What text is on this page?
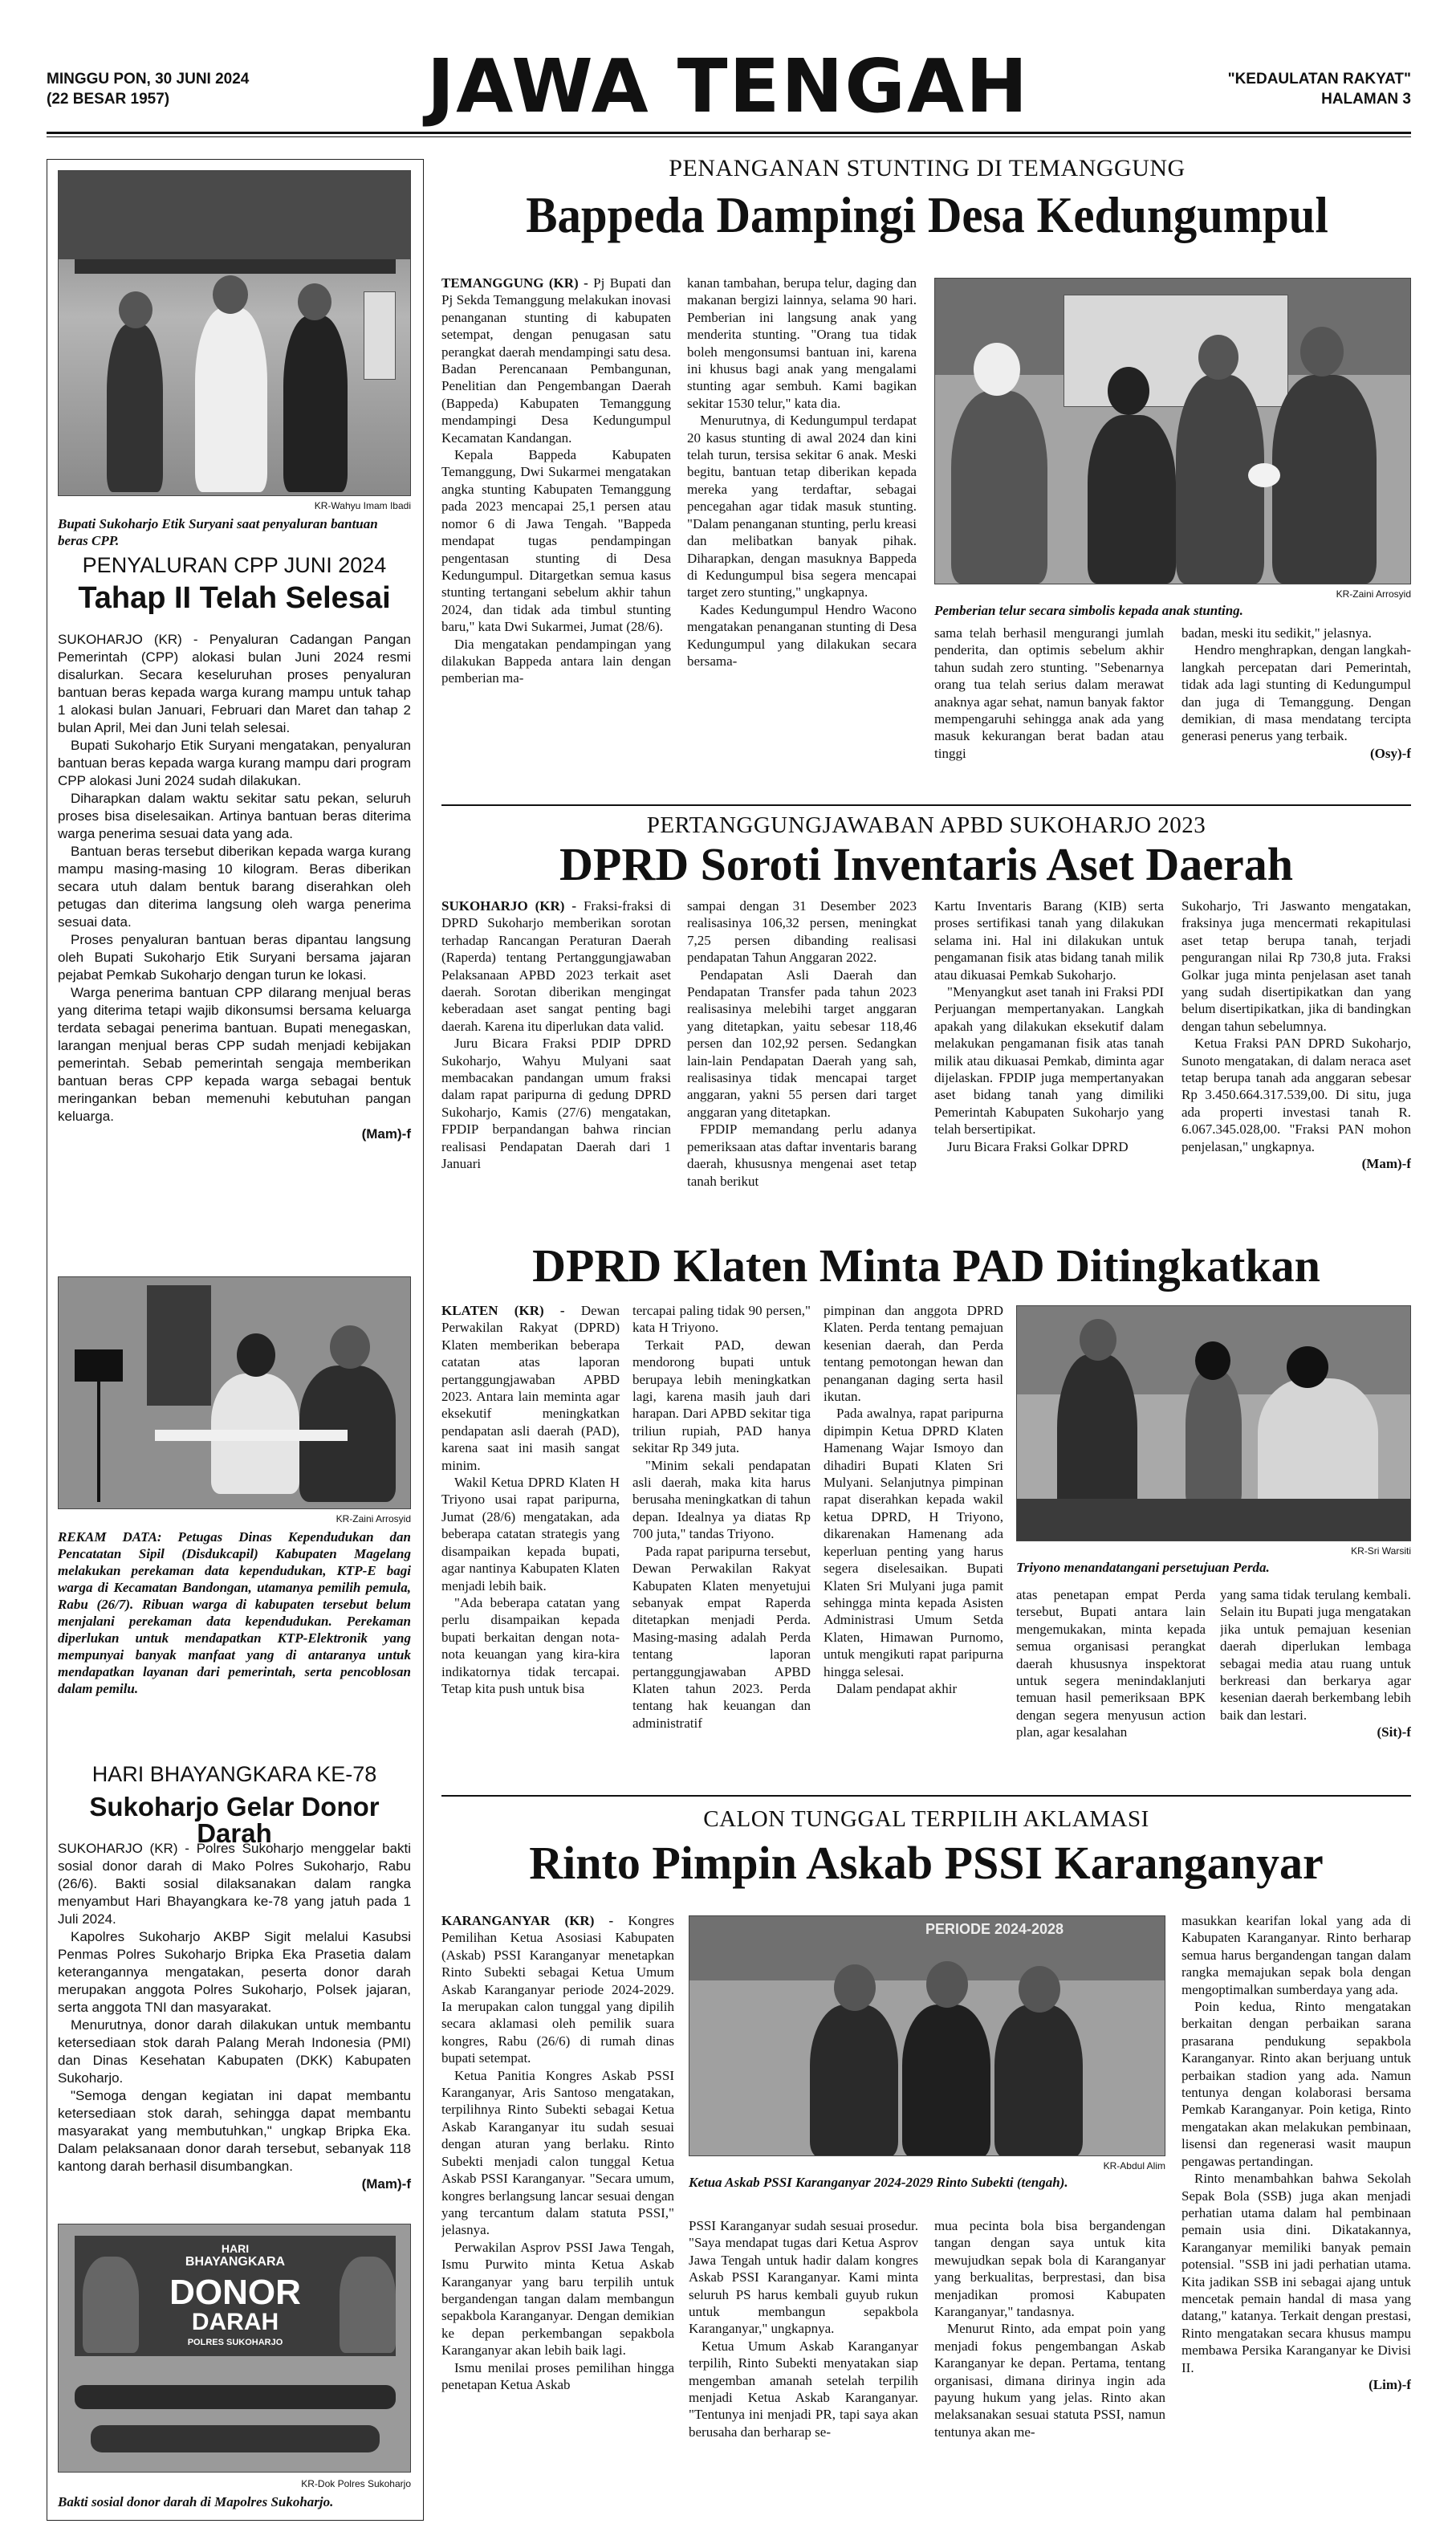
MINGGU PON, 30 JUNI 2024
(22 BESAR 1957)	JAWA TENGAH	"KEDAULATAN RAKYAT"
HALAMAN 3
KR-Wahyu Imam Ibadi
Bupati Sukoharjo Etik Suryani saat penyaluran bantuan beras CPP.
PENYALURAN CPP JUNI 2024
Tahap II Telah Selesai

SUKOHARJO (KR) - Penyaluran Cadangan Pangan Pemerintah (CPP) alokasi bulan Juni 2024 resmi disalurkan. Secara keseluruhan proses penyaluran bantuan beras kepada warga kurang mampu untuk tahap 1 alokasi bulan Januari, Februari dan Maret dan tahap 2 bulan April, Mei dan Juni telah selesai.

Bupati Sukoharjo Etik Suryani mengatakan, penyaluran bantuan beras kepada warga kurang mampu dari program CPP alokasi Juni 2024 sudah dilakukan.

Diharapkan dalam waktu sekitar satu pekan, seluruh proses bisa diselesaikan. Artinya bantuan beras diterima warga penerima sesuai data yang ada.

Bantuan beras tersebut diberikan kepada warga kurang mampu masing-masing 10 kilogram. Beras diberikan secara utuh dalam bentuk barang diserahkan oleh petugas dan diterima langsung oleh warga penerima sesuai data.

Proses penyaluran bantuan beras dipantau langsung oleh Bupati Sukoharjo Etik Suryani bersama jajaran pejabat Pemkab Sukoharjo dengan turun ke lokasi.

Warga penerima bantuan CPP dilarang menjual beras yang diterima tetapi wajib dikonsumsi bersama keluarga terdata sebagai penerima bantuan. Bupati menegaskan, larangan menjual beras CPP sudah menjadi kebijakan pemerintah. Sebab pemerintah sengaja memberikan bantuan beras CPP kepada warga sebagai bentuk meringankan beban memenuhi kebutuhan pangan keluarga.

(Mam)-f
KR-Zaini Arrosyid
REKAM DATA: Petugas Dinas Kependudukan dan Pencatatan Sipil (Disdukcapil) Kabupaten Magelang melakukan perekaman data kependudukan, KTP-E bagi warga di Kecamatan Bandongan, utamanya pemilih pemula, Rabu (26/7). Ribuan warga di kabupaten tersebut belum menjalani perekaman data kependudukan. Perekaman diperlukan untuk mendapatkan KTP-Elektronik yang mempunyai banyak manfaat yang di antaranya untuk mendapatkan layanan dari pemerintah, serta pencoblosan dalam pemilu.
HARI BHAYANGKARA KE-78
Sukoharjo Gelar Donor Darah

SUKOHARJO (KR) - Polres Sukoharjo menggelar bakti sosial donor darah di Mako Polres Sukoharjo, Rabu (26/6). Bakti sosial dilaksanakan dalam rangka menyambut Hari Bhayangkara ke-78 yang jatuh pada 1 Juli 2024.

Kapolres Sukoharjo AKBP Sigit melalui Kasubsi Penmas Polres Sukoharjo Bripka Eka Prasetia dalam keterangannya mengatakan, peserta donor darah merupakan anggota Polres Sukoharjo, Polsek jajaran, serta anggota TNI dan masyarakat.

Menurutnya, donor darah dilakukan untuk membantu ketersediaan stok darah Palang Merah Indonesia (PMI) dan Dinas Kesehatan Kabupaten (DKK) Kabupaten Sukoharjo.

"Semoga dengan kegiatan ini dapat membantu ketersediaan stok darah, sehingga dapat membantu masyarakat yang membutuhkan," ungkap Bripka Eka. Dalam pelaksanaan donor darah tersebut, sebanyak 118 kantong darah berhasil disumbangkan.

(Mam)-f
HARI
BHAYANGKARA
DONOR
DARAH
POLRES SUKOHARJO
KR-Dok Polres Sukoharjo
Bakti sosial donor darah di Mapolres Sukoharjo.
PENANGANAN STUNTING DI TEMANGGUNG
Bappeda Dampingi Desa Kedungumpul

TEMANGGUNG (KR) - Pj Bupati dan Pj Sekda Temanggung melakukan inovasi penanganan stunting di kabupaten setempat, dengan penugasan satu perangkat daerah mendampingi satu desa. Badan Perencanaan Pembangunan, Penelitian dan Pengembangan Daerah (Bappeda) Kabupaten Temanggung mendampingi Desa Kedungumpul Kecamatan Kandangan.

Kepala Bappeda Kabupaten Temanggung, Dwi Sukarmei mengatakan angka stunting Kabupaten Temanggung pada 2023 mencapai 25,1 persen atau nomor 6 di Jawa Tengah. "Bappeda mendapat tugas pendampingan pengentasan stunting di Desa Kedungumpul. Ditargetkan semua kasus stunting tertangani sebelum akhir tahun 2024, dan tidak ada timbul stunting baru," kata Dwi Sukarmei, Jumat (28/6).

Dia mengatakan pendampingan yang dilakukan Bappeda antara lain dengan pemberian ma-

kanan tambahan, berupa telur, daging dan makanan bergizi lainnya, selama 90 hari. Pemberian ini langsung anak yang menderita stunting. "Orang tua tidak boleh mengonsumsi bantuan ini, karena ini khusus bagi anak yang mengalami stunting agar sembuh. Kami bagikan sekitar 1530 telur," kata dia.

Menurutnya, di Kedungumpul terdapat 20 kasus stunting di awal 2024 dan kini telah turun, tersisa sekitar 6 anak. Meski begitu, bantuan tetap diberikan kepada mereka yang terdaftar, sebagai pencegahan agar tidak masuk stunting. "Dalam penanganan stunting, perlu kreasi dan melibatkan banyak pihak. Diharapkan, dengan masuknya Bappeda di Kedungumpul bisa segera mencapai target zero stunting," ungkapnya.

Kades Kedungumpul Hendro Wacono mengatakan penanganan stunting di Desa Kedungumpul yang dilakukan secara bersama-

KR-Zaini Arrosyid
Pemberian telur secara simbolis kepada anak stunting.

sama telah berhasil mengurangi jumlah penderita, dan optimis sebelum akhir tahun sudah zero stunting. "Sebenarnya orang tua telah serius dalam merawat anaknya agar sehat, namun banyak faktor mempengaruhi sehingga anak ada yang masuk kekurangan berat badan atau tinggi

badan, meski itu sedikit," jelasnya.

Hendro menghrapkan, dengan langkah-langkah percepatan dari Pemerintah, tidak ada lagi stunting di Kedungumpul dan juga di Temanggung. Dengan demikian, di masa mendatang tercipta generasi penerus yang terbaik.

(Osy)-f
PERTANGGUNGJAWABAN APBD SUKOHARJO 2023
DPRD Soroti Inventaris Aset Daerah

SUKOHARJO (KR) - Fraksi-fraksi di DPRD Sukoharjo memberikan sorotan terhadap Rancangan Peraturan Daerah (Raperda) tentang Pertanggungjawaban Pelaksanaan APBD 2023 terkait aset daerah. Sorotan diberikan mengingat keberadaan aset sangat penting bagi daerah. Karena itu diperlukan data valid.

Juru Bicara Fraksi PDIP DPRD Sukoharjo, Wahyu Mulyani saat membacakan pandangan umum fraksi dalam rapat paripurna di gedung DPRD Sukoharjo, Kamis (27/6) mengatakan, FPDIP berpandangan bahwa rincian realisasi Pendapatan Daerah dari 1 Januari

sampai dengan 31 Desember 2023 realisasinya 106,32 persen, meningkat 7,25 persen dibanding realisasi pendapatan Tahun Anggaran 2022.

Pendapatan Asli Daerah dan Pendapatan Transfer pada tahun 2023 realisasinya melebihi target anggaran yang ditetapkan, yaitu sebesar 118,46 persen dan 102,92 persen. Sedangkan lain-lain Pendapatan Daerah yang sah, realisasinya tidak mencapai target anggaran, yakni 55 persen dari target anggaran yang ditetapkan.

FPDIP memandang perlu adanya pemeriksaan atas daftar inventaris barang daerah, khususnya mengenai aset tetap tanah berikut

Kartu Inventaris Barang (KIB) serta proses sertifikasi tanah yang dilakukan selama ini. Hal ini dilakukan untuk pengamanan fisik atas bidang tanah milik atau dikuasai Pemkab Sukoharjo.

"Menyangkut aset tanah ini Fraksi PDI Perjuangan mempertanyakan. Langkah apakah yang dilakukan eksekutif dalam melakukan pengamanan fisik atas tanah milik atau dikuasai Pemkab, diminta agar dijelaskan. FPDIP juga mempertanyakan aset bidang tanah yang dimiliki Pemerintah Kabupaten Sukoharjo yang telah bersertipikat.

Juru Bicara Fraksi Golkar DPRD

Sukoharjo, Tri Jaswanto mengatakan, fraksinya juga mencermati rekapitulasi aset tetap berupa tanah, terjadi pengurangan nilai Rp 730,8 juta. Fraksi Golkar juga minta penjelasan aset tanah yang sudah disertipikatkan dan yang belum disertipikatkan, jika di bandingkan dengan tahun sebelumnya.

Ketua Fraksi PAN DPRD Sukoharjo, Sunoto mengatakan, di dalam neraca aset tetap berupa tanah ada anggaran sebesar Rp 3.450.664.317.539,00. Di situ, juga ada properti investasi tanah R. 6.067.345.028,00. "Fraksi PAN mohon penjelasan," ungkapnya.

(Mam)-f
DPRD Klaten Minta PAD Ditingkatkan

KLATEN (KR) - Dewan Perwakilan Rakyat (DPRD) Klaten memberikan beberapa catatan atas laporan pertanggungjawaban APBD 2023. Antara lain meminta agar eksekutif meningkatkan pendapatan asli daerah (PAD), karena saat ini masih sangat minim.

Wakil Ketua DPRD Klaten H Triyono usai rapat paripurna, Jumat (28/6) mengatakan, ada beberapa catatan strategis yang disampaikan kepada bupati, agar nantinya Kabupaten Klaten menjadi lebih baik.

"Ada beberapa catatan yang perlu disampaikan kepada bupati berkaitan dengan nota-nota keuangan yang kira-kira indikatornya tidak tercapai. Tetap kita push untuk bisa

tercapai paling tidak 90 persen," kata H Triyono.

Terkait PAD, dewan mendorong bupati untuk berupaya lebih meningkatkan lagi, karena masih jauh dari harapan. Dari APBD sekitar tiga triliun rupiah, PAD hanya sekitar Rp 349 juta.

"Minim sekali pendapatan asli daerah, maka kita harus berusaha meningkatkan di tahun depan. Idealnya ya diatas Rp 700 juta," tandas Triyono.

Pada rapat paripurna tersebut, Dewan Perwakilan Rakyat Kabupaten Klaten menyetujui sebanyak empat Raperda ditetapkan menjadi Perda. Masing-masing adalah Perda tentang laporan pertanggungjawaban APBD Klaten tahun 2023. Perda tentang hak keuangan dan administratif

pimpinan dan anggota DPRD Klaten. Perda tentang pemajuan kesenian daerah, dan Perda tentang pemotongan hewan dan penanganan daging serta hasil ikutan.

Pada awalnya, rapat paripurna dipimpin Ketua DPRD Klaten Hamenang Wajar Ismoyo dan dihadiri Bupati Klaten Sri Mulyani. Selanjutnya pimpinan rapat diserahkan kepada wakil ketua DPRD, H Triyono, dikarenakan Hamenang ada keperluan penting yang harus segera diselesaikan. Bupati Klaten Sri Mulyani juga pamit sehingga minta kepada Asisten Administrasi Umum Setda Klaten, Himawan Purnomo, untuk mengikuti rapat paripurna hingga selesai.

Dalam pendapat akhir

KR-Sri Warsiti
Triyono menandatangani persetujuan Perda.

atas penetapan empat Perda tersebut, Bupati antara lain mengemukakan, minta kepada semua organisasi perangkat daerah khususnya inspektorat untuk segera menindaklanjuti temuan hasil pemeriksaan BPK dengan segera menyusun action plan, agar kesalahan

yang sama tidak terulang kembali. Selain itu Bupati juga mengatakan jika untuk pemajuan kesenian daerah diperlukan lembaga sebagai media atau ruang untuk berkreasi dan berkarya agar kesenian daerah berkembang lebih baik dan lestari.

(Sit)-f
CALON TUNGGAL TERPILIH AKLAMASI
Rinto Pimpin Askab PSSI Karanganyar

KARANGANYAR (KR) - Kongres Pemilihan Ketua Asosiasi Kabupaten (Askab) PSSI Karanganyar menetapkan Rinto Subekti sebagai Ketua Umum Askab Karanganyar periode 2024-2029. Ia merupakan calon tunggal yang dipilih secara aklamasi oleh pemilik suara kongres, Rabu (26/6) di rumah dinas bupati setempat.

Ketua Panitia Kongres Askab PSSI Karanganyar, Aris Santoso mengatakan, terpilihnya Rinto Subekti sebagai Ketua Askab Karanganyar itu sudah sesuai dengan aturan yang berlaku. Rinto Subekti menjadi calon tunggal Ketua Askab PSSI Karanganyar. "Secara umum, kongres berlangsung lancar sesuai dengan yang tercantum dalam statuta PSSI," jelasnya.

Perwakilan Asprov PSSI Jawa Tengah, Ismu Purwito minta Ketua Askab Karanganyar yang baru terpilih untuk bergandengan tangan dalam membangun sepakbola Karanganyar. Dengan demikian ke depan perkembangan sepakbola Karanganyar akan lebih baik lagi.

Ismu menilai proses pemilihan hingga penetapan Ketua Askab

PERIODE 2024-2028
KR-Abdul Alim
Ketua Askab PSSI Karanganyar 2024-2029 Rinto Subekti (tengah).

PSSI Karanganyar sudah sesuai prosedur. "Saya mendapat tugas dari Ketua Asprov Jawa Tengah untuk hadir dalam kongres Askab PSSI Karanganyar. Kami minta seluruh PS harus kembali guyub rukun untuk membangun sepakbola Karanganyar," ungkapnya.

Ketua Umum Askab Karanganyar terpilih, Rinto Subekti menyatakan siap mengemban amanah setelah terpilih menjadi Ketua Askab Karanganyar. "Tentunya ini menjadi PR, tapi saya akan berusaha dan berharap se-

mua pecinta bola bisa bergandengan tangan dengan saya untuk kita mewujudkan sepak bola di Karanganyar yang berkualitas, berprestasi, dan bisa menjadikan promosi Kabupaten Karanganyar," tandasnya.

Menurut Rinto, ada empat poin yang menjadi fokus pengembangan Askab Karanganyar ke depan. Pertama, tentang organisasi, dimana dirinya ingin ada payung hukum yang jelas. Rinto akan melaksanakan sesuai statuta PSSI, namun tentunya akan me-

masukkan kearifan lokal yang ada di Kabupaten Karanganyar. Rinto berharap semua harus bergandengan tangan dalam rangka memajukan sepak bola dengan mengoptimalkan sumberdaya yang ada.

Poin kedua, Rinto mengatakan berkaitan dengan perbaikan sarana prasarana pendukung sepakbola Karanganyar. Rinto akan berjuang untuk perbaikan stadion yang ada. Namun tentunya dengan kolaborasi bersama Pemkab Karanganyar. Poin ketiga, Rinto mengatakan akan melakukan pembinaan, lisensi dan regenerasi wasit maupun pengawas pertandingan.

Rinto menambahkan bahwa Sekolah Sepak Bola (SSB) juga akan menjadi perhatian utama dalam hal pembinaan pemain usia dini. Dikatakannya, Karanganyar memiliki banyak pemain potensial. "SSB ini jadi perhatian utama. Kita jadikan SSB ini sebagai ajang untuk mencetak pemain handal di masa yang datang," katanya. Terkait dengan prestasi, Rinto mengatakan secara khusus mampu membawa Persika Karanganyar ke Divisi II.

(Lim)-f
